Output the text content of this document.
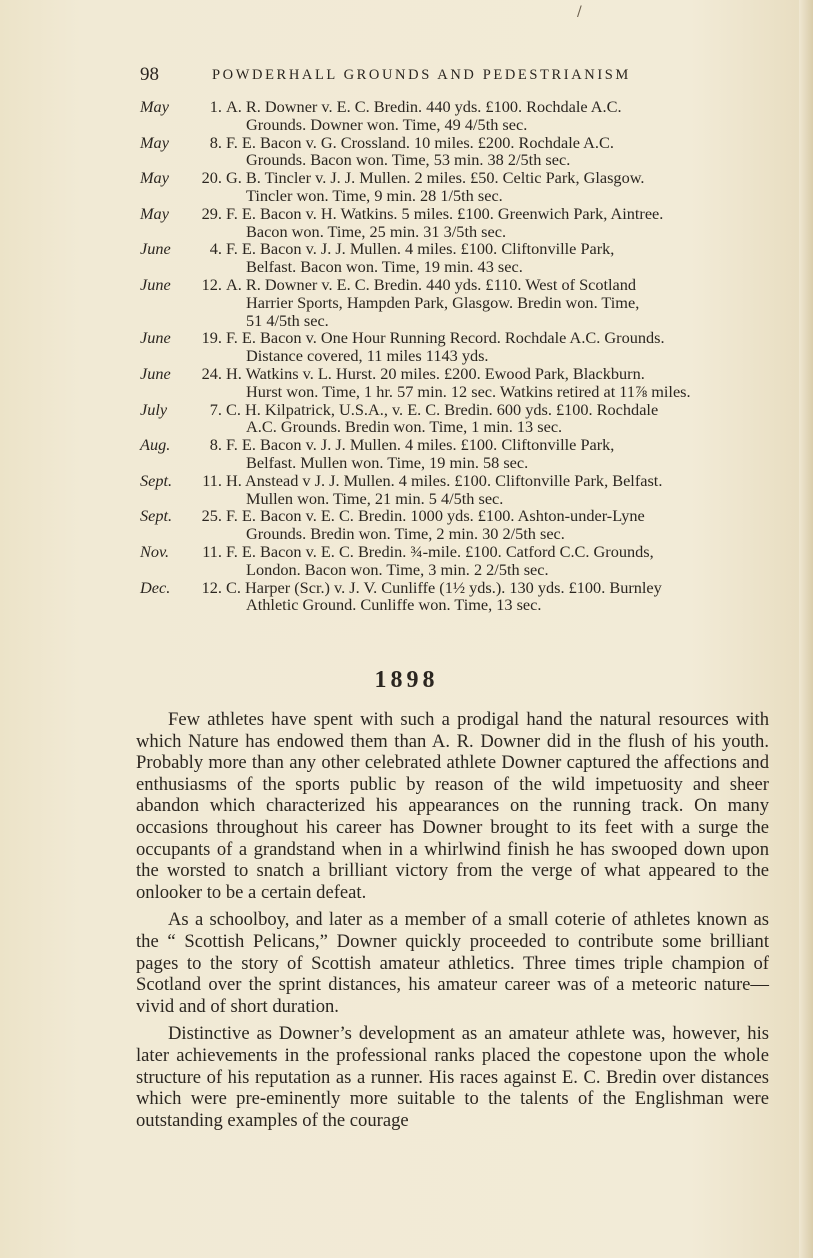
98	POWDERHALL GROUNDS AND PEDESTRIANISM
May	1. A. R. Downer v. E. C. Bredin. 440 yds. £100. Rochdale A.C.
Grounds. Downer won. Time, 49 4/5th sec.
May	8. F. E. Bacon v. G. Crossland. 10 miles. £200. Rochdale A.C.
Grounds. Bacon won. Time, 53 min. 38 2/5th sec.
May 20. G. B. Tincler v. J. J. Mullen. 2 miles. £50. Celtic Park, Glasgow.
Tincler won. Time, 9 min. 28 1/5th sec.
May 29. F. E. Bacon v. H. Watkins. 5 miles. £100. Greenwich Park, Aintree.
Bacon won. Time, 25 min. 31 3/5th sec.
June	4. F. E. Bacon v. J. J. Mullen. 4 miles. £100. Cliftonville Park,
Belfast. Bacon won. Time, 19 min. 43 sec.
June 12. A. R. Downer v. E. C. Bredin. 440 yds. £110. West of Scotland
Harrier Sports, Hampden Park, Glasgow. Bredin won. Time,
51 4/5th sec.
June 19. F. E. Bacon v. One Hour Running Record. Rochdale A.C. Grounds.
Distance covered, 11 miles 1143 yds.
June 24. H. Watkins v. L. Hurst. 20 miles. £200. Ewood Park, Blackburn.
Hurst won. Time, 1 hr. 57 min. 12 sec. Watkins retired at 11⅞ miles.
July	7. C. H. Kilpatrick, U.S.A., v. E. C. Bredin. 600 yds. £100. Rochdale
A.C. Grounds. Bredin won. Time, 1 min. 13 sec.
Aug.	8. F. E. Bacon v. J. J. Mullen. 4 miles. £100. Cliftonville Park,
Belfast. Mullen won. Time, 19 min. 58 sec.
Sept. 11. H. Anstead v J. J. Mullen. 4 miles. £100. Cliftonville Park, Belfast.
Mullen won. Time, 21 min. 5 4/5th sec.
Sept. 25. F. E. Bacon v. E. C. Bredin. 1000 yds. £100. Ashton-under-Lyne
Grounds. Bredin won. Time, 2 min. 30 2/5th sec.
Nov. 11. F. E. Bacon v. E. C. Bredin. ¾-mile. £100. Catford C.C. Grounds,
London. Bacon won. Time, 3 min. 2 2/5th sec.
Dec. 12. C. Harper (Scr.) v. J. V. Cunliffe (1½ yds.). 130 yds. £100. Burnley
Athletic Ground. Cunliffe won. Time, 13 sec.
1898

Few athletes have spent with such a prodigal hand the natural resources with which Nature has endowed them than A. R. Downer did in the flush of his youth. Probably more than any other celebrated athlete Downer captured the affections and enthusiasms of the sports public by reason of the wild impetuosity and sheer abandon which characterized his appearances on the running track. On many occasions throughout his career has Downer brought to its feet with a surge the occupants of a grandstand when in a whirlwind finish he has swooped down upon the worsted to snatch a brilliant victory from the verge of what appeared to the onlooker to be a certain defeat.

As a schoolboy, and later as a member of a small coterie of athletes known as the “ Scottish Pelicans,” Downer quickly proceeded to contribute some brilliant pages to the story of Scottish amateur athletics. Three times triple champion of Scotland over the sprint distances, his amateur career was of a meteoric nature—vivid and of short duration.

Distinctive as Downer’s development as an amateur athlete was, however, his later achievements in the professional ranks placed the copestone upon the whole structure of his reputation as a runner. His races against E. C. Bredin over distances which were pre-eminently more suitable to the talents of the Englishman were outstanding examples of the courage

/
